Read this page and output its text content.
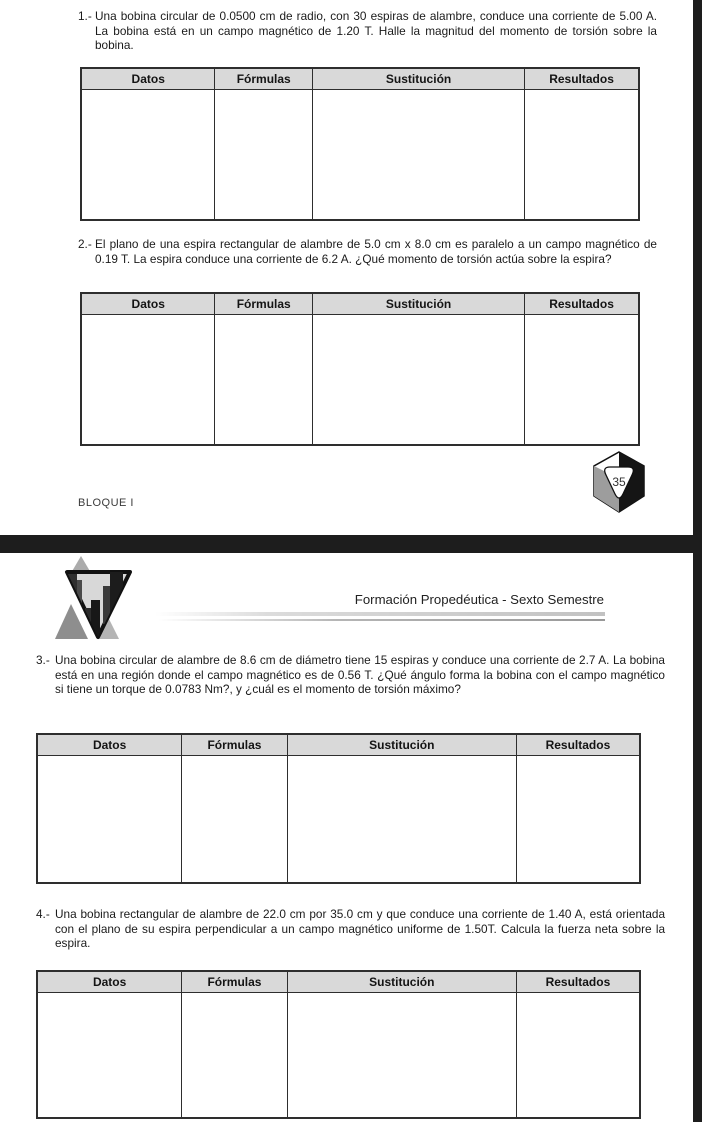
1.- Una bobina circular de 0.0500 cm de radio, con 30 espiras de alambre, conduce una corriente de 5.00 A. La bobina está en un campo magnético de 1.20 T. Halle la magnitud del momento de torsión sobre la bobina.
Datos	Fórmulas	Sustitución	Resultados

2.- El plano de una espira rectangular de alambre de 5.0 cm x 8.0 cm es paralelo a un campo magnético de 0.19 T. La espira conduce una corriente de 6.2 A. ¿Qué momento de torsión actúa sobre la espira?
Datos	Fórmulas	Sustitución	Resultados

35
BLOQUE I
Formación Propedéutica - Sexto Semestre
3.- Una bobina circular de alambre de 8.6 cm de diámetro tiene 15 espiras y conduce una corriente de 2.7 A. La bobina está en una región donde el campo magnético es de 0.56 T. ¿Qué ángulo forma la bobina con el campo magnético si tiene un torque de 0.0783 Nm?, y ¿cuál es el momento de torsión máximo?
Datos	Fórmulas	Sustitución	Resultados

4.- Una bobina rectangular de alambre de 22.0 cm por 35.0 cm y que conduce una corriente de 1.40 A, está orientada con el plano de su espira perpendicular a un campo magnético uniforme de 1.50T. Calcula la fuerza neta sobre la espira.
Datos	Fórmulas	Sustitución	Resultados
